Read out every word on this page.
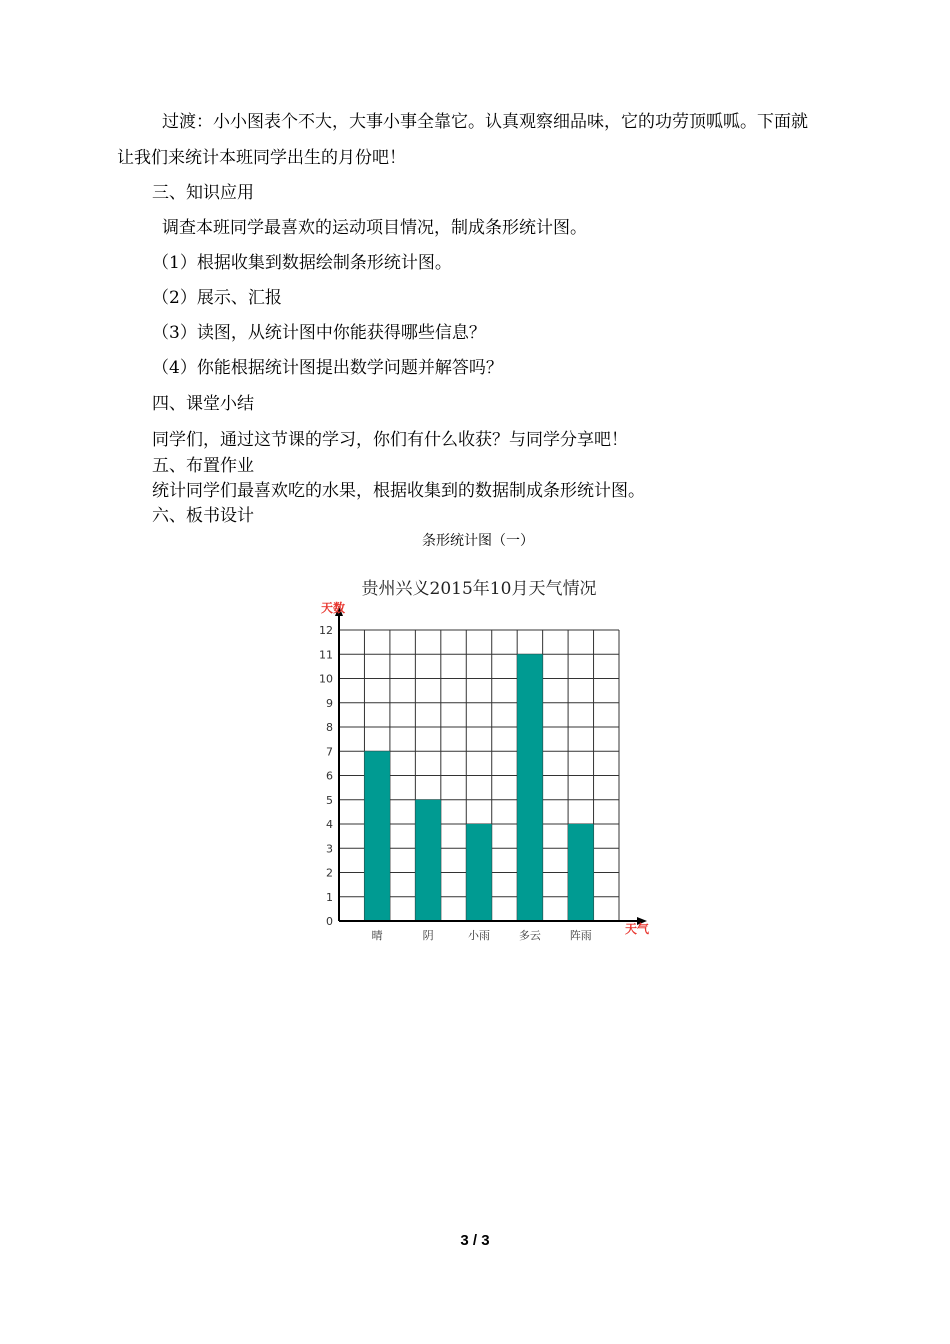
过渡：小小图表个不大，大事小事全靠它。认真观察细品味，它的功劳顶呱呱。下面就
让我们来统计本班同学出生的月份吧！
三、知识应用
调查本班同学最喜欢的运动项目情况，制成条形统计图。
（1）根据收集到数据绘制条形统计图。
（2）展示、汇报
（3）读图，从统计图中你能获得哪些信息？
（4）你能根据统计图提出数学问题并解答吗？
四、课堂小结
同学们，通过这节课的学习，你们有什么收获？与同学分享吧！
五、布置作业
统计同学们最喜欢吃的水果，根据收集到的数据制成条形统计图。
六、板书设计
条形统计图（一）
贵州兴义2015年10月天气情况
晴	阴	小雨	多云	阵雨
0
1
2
3
4
5
6
7
8
9
10
11
12
天数
天气
3 / 3
